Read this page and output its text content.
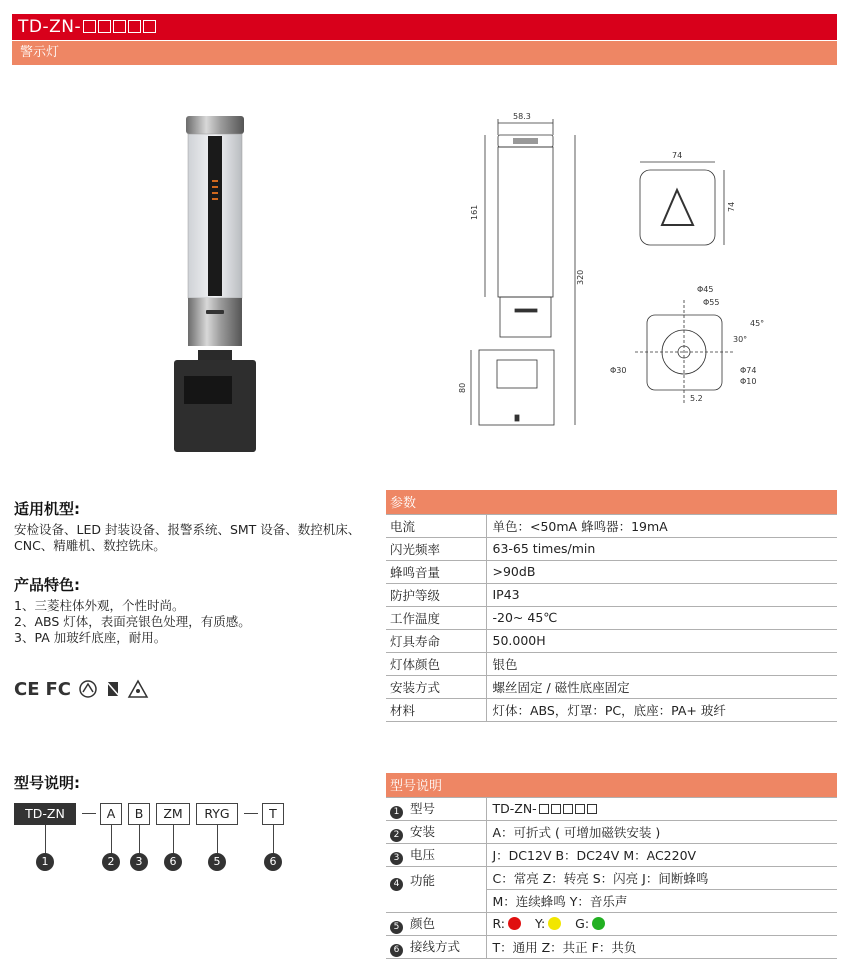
TD-ZN-
警示灯
58.3
161
320
80
74
74
Φ45
Φ55
45°
30°
Φ30	Φ74
Φ10
5.2
适用机型:
安检设备、LED 封装设备、报警系统、SMT 设备、数控机床、
CNC、精雕机、数控铣床。
产品特色:
1、三菱柱体外观，个性时尚。
2、ABS 灯体，表面亮银色处理，有质感。
3、PA 加玻纤底座，耐用。
CE FC
参数	
电流	单色：<50mA 蜂鸣器：19mA
闪光频率	63-65 times/min
蜂鸣音量	>90dB
防护等级	IP43
工作温度	-20~ 45℃
灯具寿命	50.000H
灯体颜色	银色
安装方式	螺丝固定 / 磁性底座固定
材料	灯体：ABS，灯罩：PC，底座：PA+ 玻纤
型号说明:
TD-ZN	A	B	ZM	RYG	T
1	2	3	6	5	6
型号说明	
1 型号	TD-ZN-
2 安装	A：可折式 ( 可增加磁铁安装 )
3 电压	J：DC12V B：DC24V M：AC220V
4 功能	C：常亮 Z：转亮 S：闪亮 J：间断蜂鸣
	M：连续蜂鸣 Y：音乐声
5 颜色	R: Y: G:
6 接线方式	T：通用 Z：共正 F：共负
